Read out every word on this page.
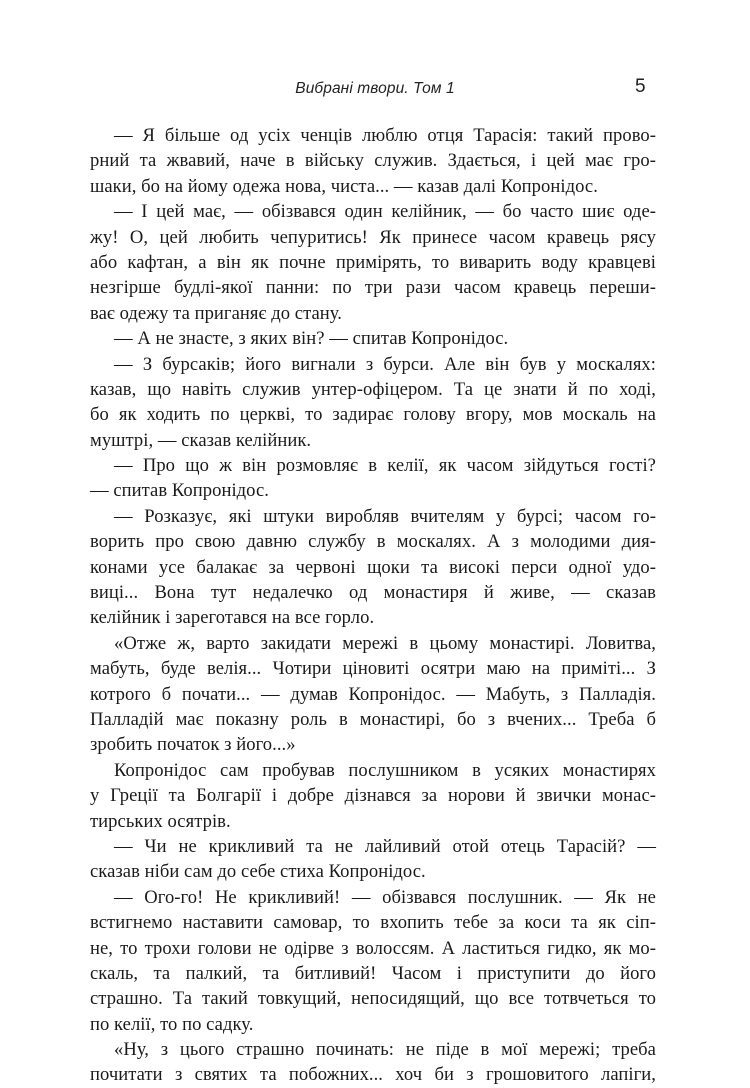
Вибрані твори. Том 1	5
— Я більше од усіх ченців люблю отця Тарасія: такий прово-
рний та жвавий, наче в війську служив. Здається, і цей має гро-
шаки, бо на йому одежа нова, чиста... — казав далі Копронідос.
— І цей має, — обізвався один келійник, — бо часто шиє оде-
жу! О, цей любить чепуритись! Як принесе часом кравець рясу
або кафтан, а він як почне примірять, то виварить воду кравцеві
незгірше будлі-якої панни: по три рази часом кравець переши-
ває одежу та приганяє до стану.
— А не знасте, з яких він? — спитав Копронідос.
— З бурсаків; його вигнали з бурси. Але він був у москалях:
казав, що навіть служив унтер-офіцером. Та це знати й по ході,
бо як ходить по церкві, то задирає голову вгору, мов москаль на
муштрі, — сказав келійник.
— Про що ж він розмовляє в келії, як часом зійдуться гості?
— спитав Копронідос.
— Розказує, які штуки виробляв вчителям у бурсі; часом го-
ворить про свою давню службу в москалях. А з молодими дия-
конами усе балакає за червоні щоки та високі перси одної удо-
виці... Вона тут недалечко од монастиря й живе, — сказав
келійник і зареготався на все горло.
«Отже ж, варто закидати мережі в цьому монастирі. Ловитва,
мабуть, буде велія... Чотири ціновиті осятри маю на приміті... З
котрого б почати... — думав Копронідос. — Мабуть, з Палладія.
Палладій має показну роль в монастирі, бо з вчених... Треба б
зробить початок з його...»
Копронідос сам пробував послушником в усяких монастирях
у Греції та Болгарії і добре дізнався за норови й звички монас-
тирських осятрів.
— Чи не крикливий та не лайливий отой отець Тарасій? —
сказав ніби сам до себе стиха Копронідос.
— Ого-го! Не крикливий! — обізвався послушник. — Як не
встигнемо наставити самовар, то вхопить тебе за коси та як сіп-
не, то трохи голови не одірве з волоссям. А ластиться гидко, як мо-
скаль, та палкий, та битливий! Часом і приступити до його
страшно. Та такий товкущий, непосидящий, що все тотвчеться то
по келії, то по садку.
«Ну, з цього страшно починать: не піде в мої мережі; треба
почитати з святих та побожних... хоч би з грошовитого лапіги,
